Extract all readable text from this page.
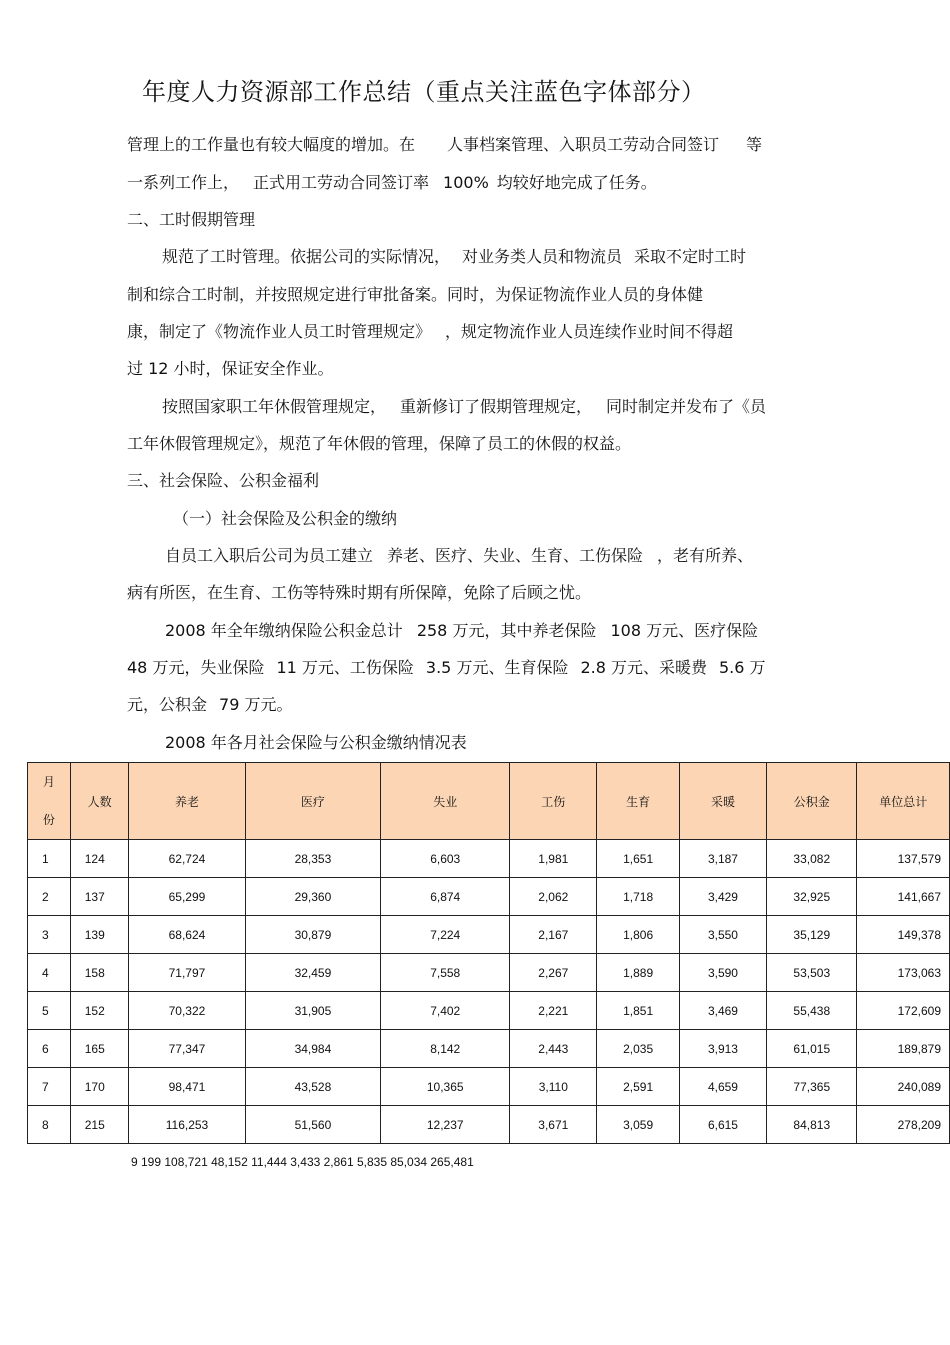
年度人力资源部工作总结（重点关注蓝色字体部分）
管理上的工作量也有较大幅度的增加。在 人事档案管理、入职员工劳动合同签订 等
一系列工作上， 正式用工劳动合同签订率 100% 均较好地完成了任务。
二、工时假期管理
规范了工时管理。依据公司的实际情况， 对业务类人员和物流员 采取不定时工时
制和综合工时制，并按照规定进行审批备案。同时，为保证物流作业人员的身体健
康，制定了《物流作业人员工时管理规定》 ，规定物流作业人员连续作业时间不得超
过 12 小时，保证安全作业。
按照国家职工年休假管理规定， 重新修订了假期管理规定， 同时制定并发布了《员
工年休假管理规定》，规范了年休假的管理，保障了员工的休假的权益。
三、社会保险、公积金福利
（一）社会保险及公积金的缴纳
自员工入职后公司为员工建立 养老、医疗、失业、生育、工伤保险 ，老有所养、
病有所医，在生育、工伤等特殊时期有所保障，免除了后顾之忧。
2008 年全年缴纳保险公积金总计 258 万元，其中养老保险 108 万元、医疗保险
48 万元，失业保险 11 万元、工伤保险 3.5 万元、生育保险 2.8 万元、采暖费 5.6 万
元，公积金 79 万元。
2008 年各月社会保险与公积金缴纳情况表
月
份	人数	养老	医疗	失业	工伤	生育	采暖	公积金	单位总计
1	124	62,724	28,353	6,603	1,981	1,651	3,187	33,082	137,579
2	137	65,299	29,360	6,874	2,062	1,718	3,429	32,925	141,667
3	139	68,624	30,879	7,224	2,167	1,806	3,550	35,129	149,378
4	158	71,797	32,459	7,558	2,267	1,889	3,590	53,503	173,063
5	152	70,322	31,905	7,402	2,221	1,851	3,469	55,438	172,609
6	165	77,347	34,984	8,142	2,443	2,035	3,913	61,015	189,879
7	170	98,471	43,528	10,365	3,110	2,591	4,659	77,365	240,089
8	215	116,253	51,560	12,237	3,671	3,059	6,615	84,813	278,209
9 199 108,721 48,152 11,444 3,433 2,861 5,835 85,034 265,481
